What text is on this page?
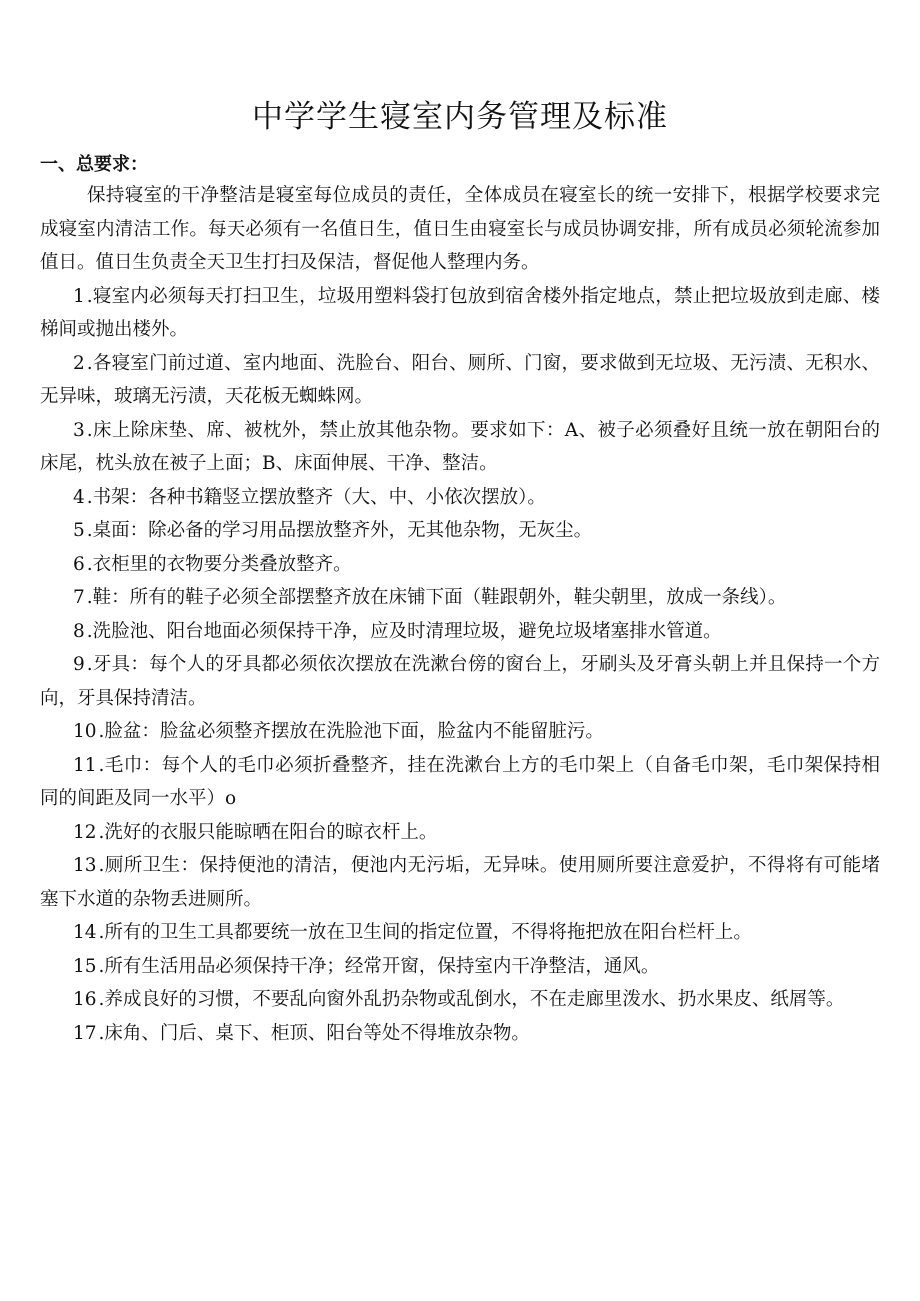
中学学生寝室内务管理及标准
一、总要求：

保持寝室的干净整洁是寝室每位成员的责任，全体成员在寝室长的统一安排下，根据学校要求完成寝室内清洁工作。每天必须有一名值日生，值日生由寝室长与成员协调安排，所有成员必须轮流参加值日。值日生负责全天卫生打扫及保洁，督促他人整理内务。

1 .寝室内必须每天打扫卫生，垃圾用塑料袋打包放到宿舍楼外指定地点，禁止把垃圾放到走廊、楼梯间或抛出楼外。

2 .各寝室门前过道、室内地面、洗脸台、阳台、厕所、门窗，要求做到无垃圾、无污渍、无积水、无异味，玻璃无污渍，天花板无蜘蛛网。

3 .床上除床垫、席、被枕外，禁止放其他杂物。要求如下：A、被子必须叠好且统一放在朝阳台的床尾，枕头放在被子上面；B、床面伸展、干净、整洁。

4 .书架：各种书籍竖立摆放整齐（大、中、小依次摆放）。

5 .桌面：除必备的学习用品摆放整齐外，无其他杂物，无灰尘。

6 .衣柜里的衣物要分类叠放整齐。

7 .鞋：所有的鞋子必须全部摆整齐放在床铺下面（鞋跟朝外，鞋尖朝里，放成一条线）。

8 .洗脸池、阳台地面必须保持干净，应及时清理垃圾，避免垃圾堵塞排水管道。

9 .牙具：每个人的牙具都必须依次摆放在洗漱台傍的窗台上，牙刷头及牙膏头朝上并且保持一个方向，牙具保持清洁。

10 .脸盆：脸盆必须整齐摆放在洗脸池下面，脸盆内不能留脏污。

11 .毛巾：每个人的毛巾必须折叠整齐，挂在洗漱台上方的毛巾架上（自备毛巾架，毛巾架保持相同的间距及同一水平）o

12 .洗好的衣服只能晾晒在阳台的晾衣杆上。

13 .厕所卫生：保持便池的清洁，便池内无污垢，无异味。使用厕所要注意爱护，不得将有可能堵塞下水道的杂物丢进厕所。

14 .所有的卫生工具都要统一放在卫生间的指定位置，不得将拖把放在阳台栏杆上。

15 .所有生活用品必须保持干净；经常开窗，保持室内干净整洁，通风。

16 .养成良好的习惯，不要乱向窗外乱扔杂物或乱倒水，不在走廊里泼水、扔水果皮、纸屑等。

17 .床角、门后、桌下、柜顶、阳台等处不得堆放杂物。
